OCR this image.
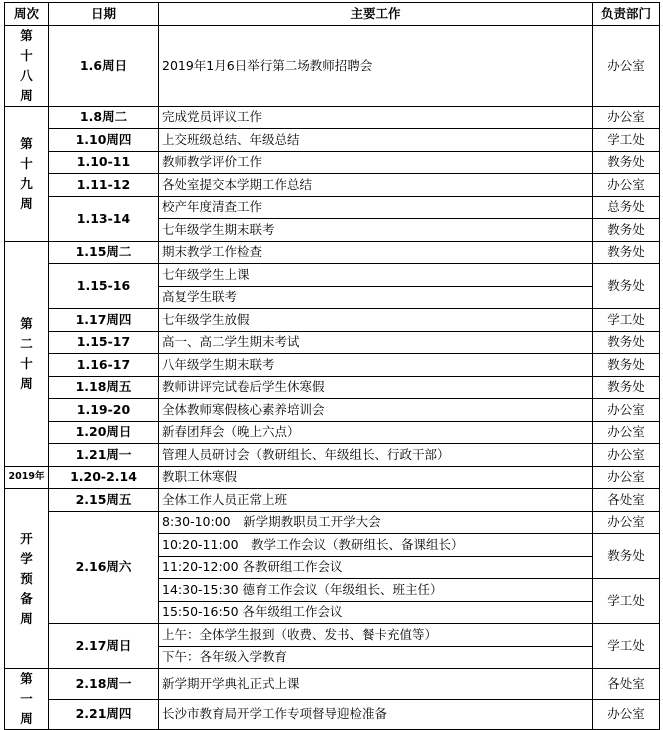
周次	日期	主要工作	负责部门
第十八周	1.6周日	2019年1月6日举行第二场教师招聘会	办公室
第十九周	1.8周二	完成党员评议工作	办公室
	1.10周四	上交班级总结、年级总结	学工处
	1.10-11	教师教学评价工作	教务处
	1.11-12	各处室提交本学期工作总结	办公室
	1.13-14	校产年度清查工作	总务处
		七年级学生期末联考	教务处
第二十周	1.15周二	期末教学工作检查	教务处
	1.15-16	七年级学生上课	教务处
		高复学生联考	
	1.17周四	七年级学生放假	学工处
	1.15-17	高一、高二学生期末考试	教务处
	1.16-17	八年级学生期末联考	教务处
	1.18周五	教师讲评完试卷后学生休寒假	教务处
	1.19-20	全体教师寒假核心素养培训会	办公室
	1.20周日	新春团拜会（晚上六点）	办公室
	1.21周一	管理人员研讨会（教研组长、年级组长、行政干部）	办公室
2019年	1.20-2.14	教职工休寒假	办公室
开学预备周	2.15周五	全体工作人员正常上班	各处室
	2.16周六	8:30-10:00　新学期教职员工开学大会	办公室
		10:20-11:00　教学工作会议（教研组长、备课组长）	教务处
		11:20-12:00 各教研组工作会议	
		14:30-15:30 德育工作会议（年级组长、班主任）	学工处
		15:50-16:50 各年级组工作会议	
	2.17周日	上午：全体学生报到（收费、发书、餐卡充值等）	学工处
		下午：各年级入学教育	
第一周	2.18周一	新学期开学典礼正式上课	各处室
	2.21周四	长沙市教育局开学工作专项督导迎检准备	办公室
